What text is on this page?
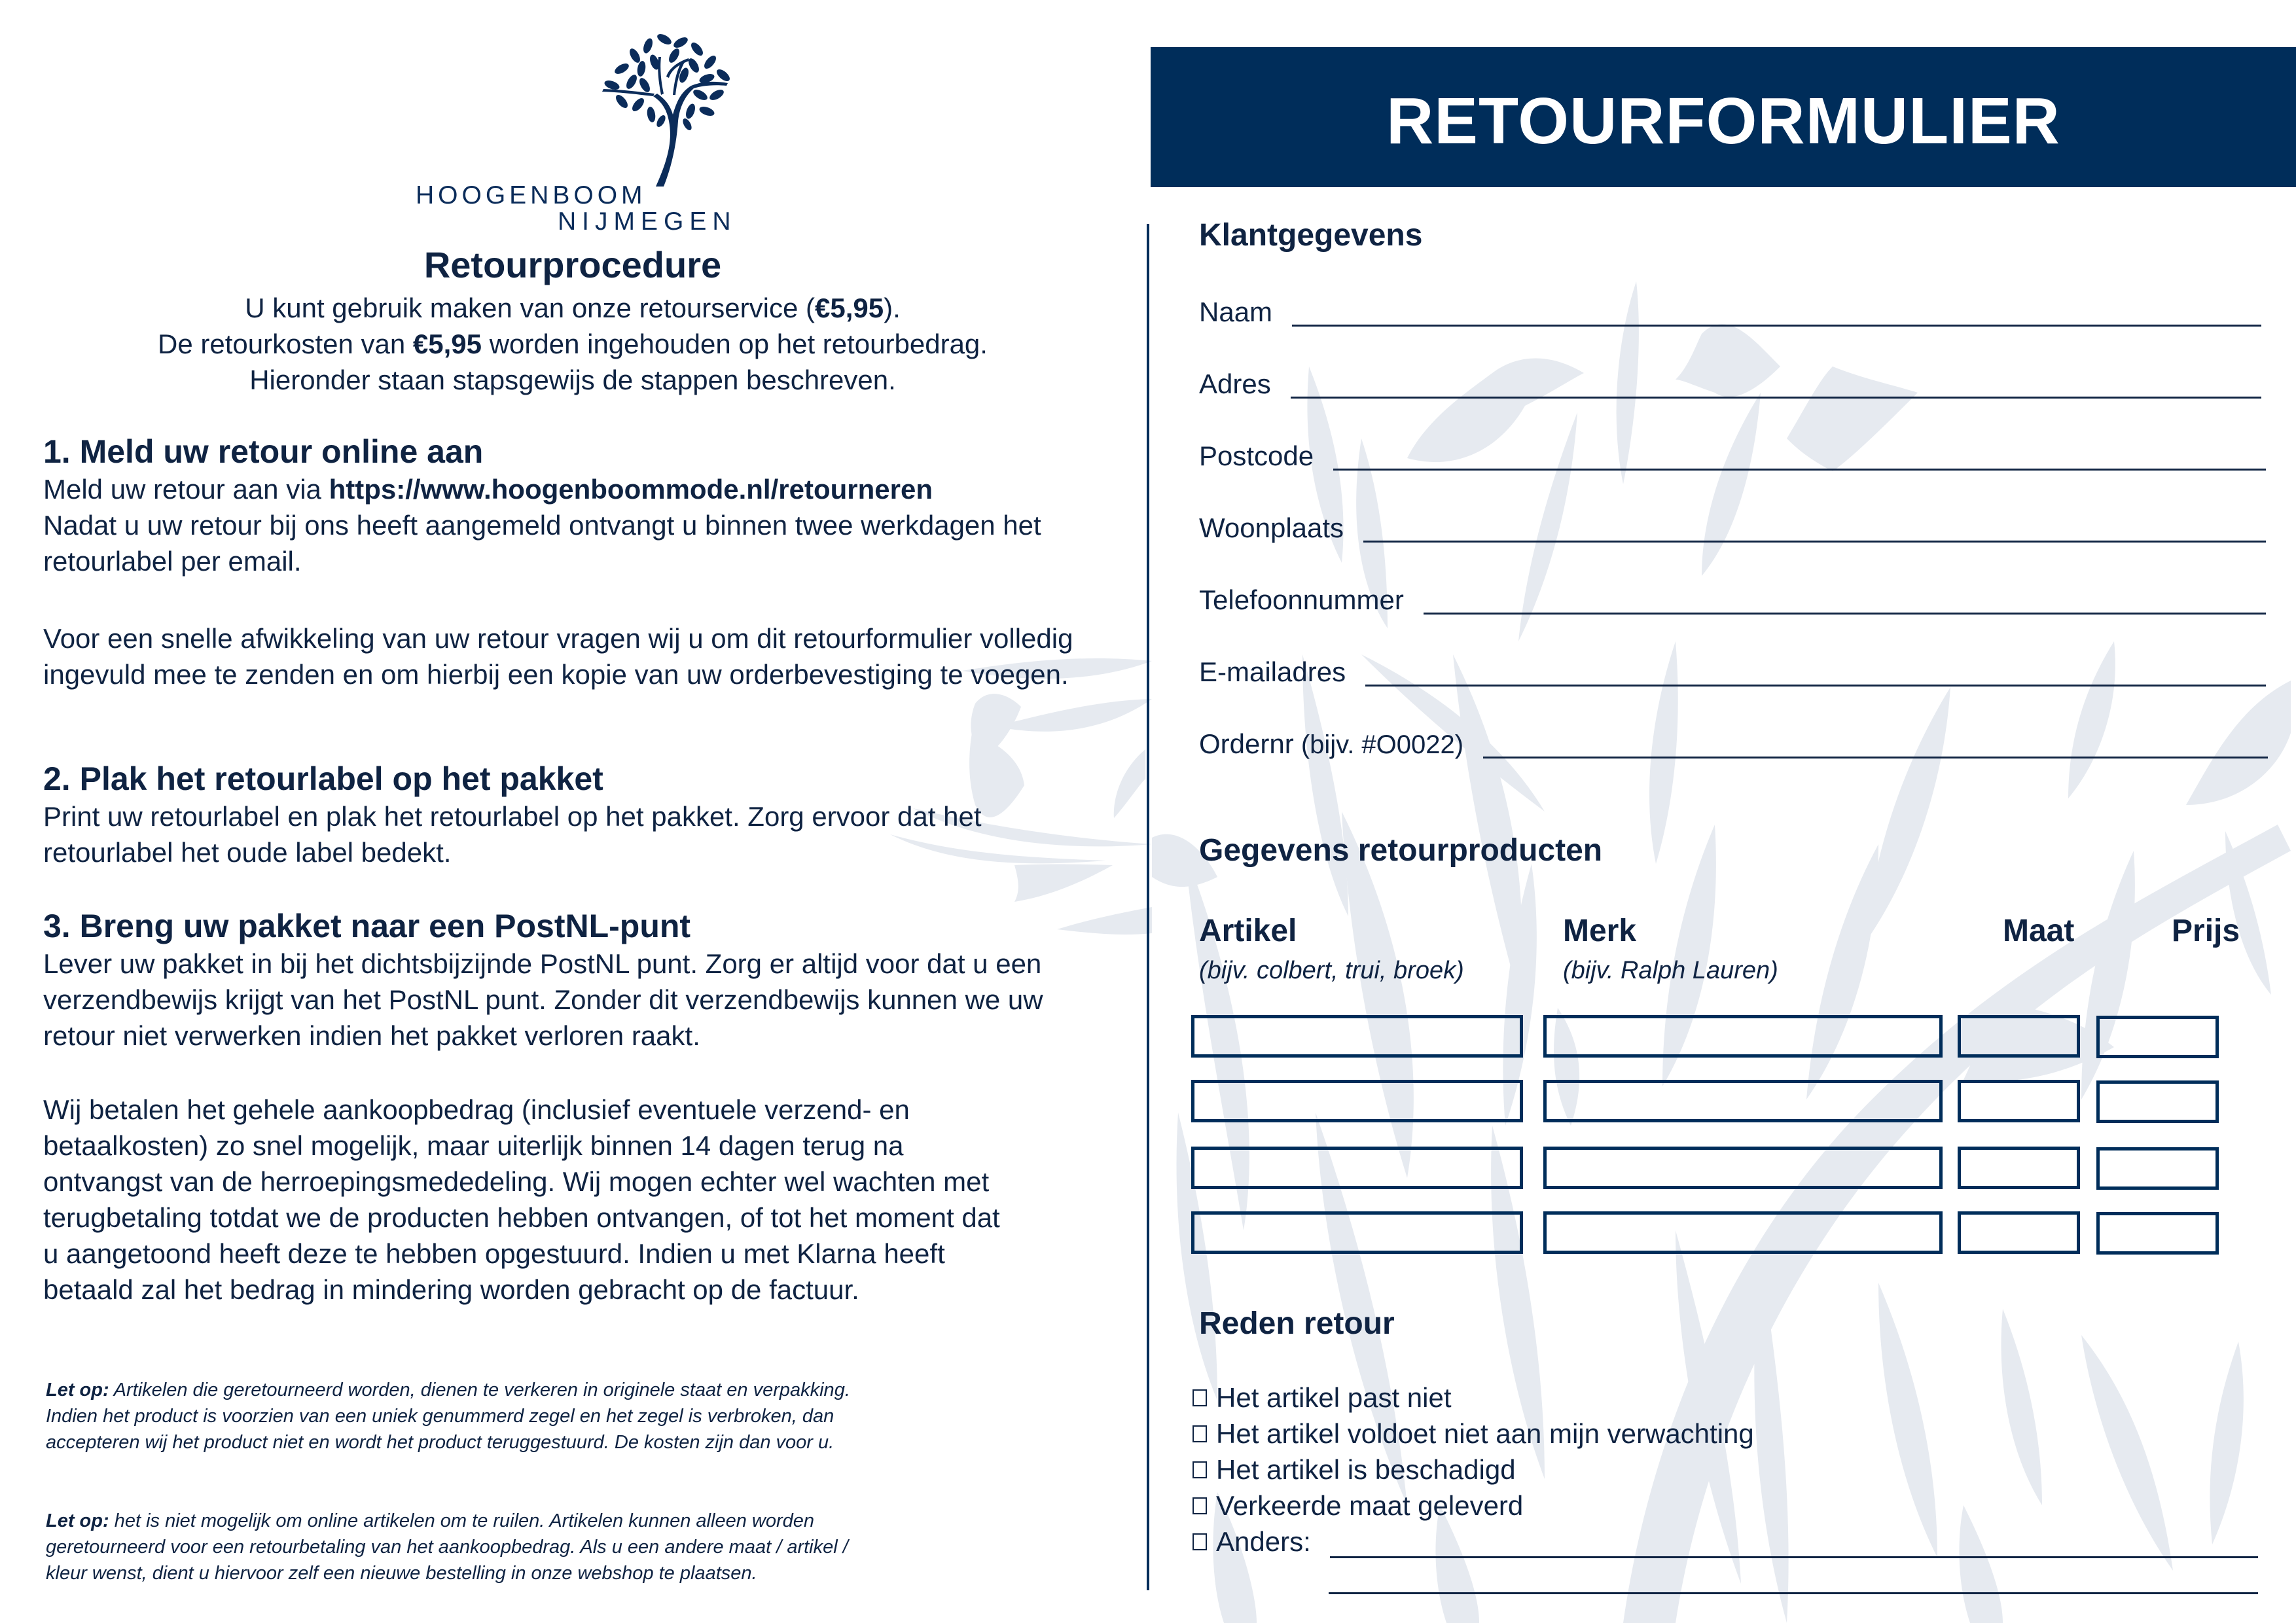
HOOGENBOOM
NIJMEGEN
Retourprocedure
U kunt gebruik maken van onze retourservice (€5,95).
De retourkosten van €5,95 worden ingehouden op het retourbedrag.
Hieronder staan stapsgewijs de stappen beschreven.
1. Meld uw retour online aan

Meld uw retour aan via https://www.hoogenboommode.nl/retourneren
Nadat u uw retour bij ons heeft aangemeld ontvangt u binnen twee werkdagen het retourlabel per email.

Voor een snelle afwikkeling van uw retour vragen wij u om dit retourformulier volledig ingevuld mee te zenden en om hierbij een kopie van uw orderbevestiging te voegen.

2. Plak het retourlabel op het pakket

Print uw retourlabel en plak het retourlabel op het pakket. Zorg ervoor dat het retourlabel het oude label bedekt.

3. Breng uw pakket naar een PostNL-punt

Lever uw pakket in bij het dichtsbijzijnde PostNL punt. Zorg er altijd voor dat u een verzendbewijs krijgt van het PostNL punt. Zonder dit verzendbewijs kunnen we uw retour niet verwerken indien het pakket verloren raakt.

Wij betalen het gehele aankoopbedrag (inclusief eventuele verzend- en betaalkosten) zo snel mogelijk, maar uiterlijk binnen 14 dagen terug na ontvangst van de herroepingsmededeling. Wij mogen echter wel wachten met terugbetaling totdat we de producten hebben ontvangen, of tot het moment dat u aangetoond heeft deze te hebben opgestuurd. Indien u met Klarna heeft betaald zal het bedrag in mindering worden gebracht op de factuur.

Let op: Artikelen die geretourneerd worden, dienen te verkeren in originele staat en verpakking. Indien het product is voorzien van een uniek genummerd zegel en het zegel is verbroken, dan accepteren wij het product niet en wordt het product teruggestuurd. De kosten zijn dan voor u.
Let op: het is niet mogelijk om online artikelen om te ruilen. Artikelen kunnen alleen worden geretourneerd voor een retourbetaling van het aankoopbedrag. Als u een andere maat / artikel / kleur wenst, dient u hiervoor zelf een nieuwe bestelling in onze webshop te plaatsen.
RETOURFORMULIER
Klantgegevens
Naam
Adres
Postcode
Woonplaats
Telefoonnummer
E-mailadres
Ordernr (bijv. #O0022)
Gegevens retourproducten
Artikel	Merk	Maat	Prijs
(bijv. colbert, trui, broek)	(bijv. Ralph Lauren)
Reden retour
Het artikel past niet
Het artikel voldoet niet aan mijn verwachting
Het artikel is beschadigd
Verkeerde maat geleverd
Anders:
